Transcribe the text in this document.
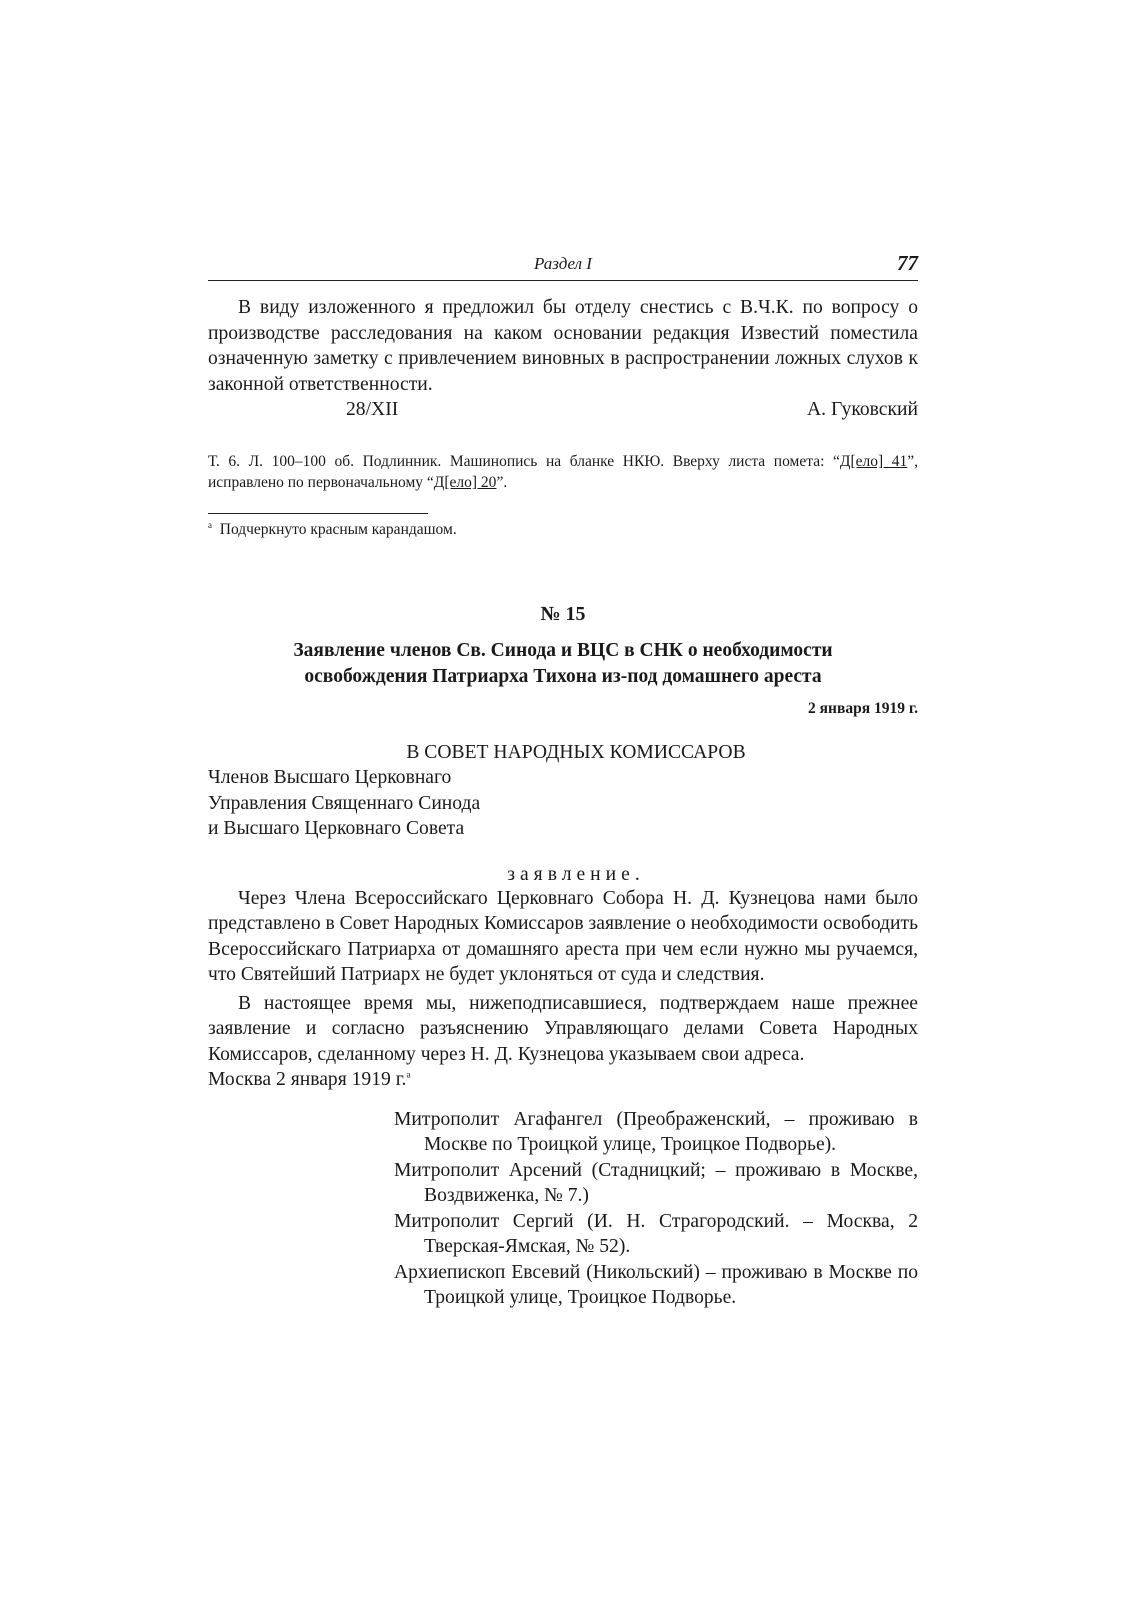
Раздел I	77
В виду изложенного я предложил бы отделу снестись с В.Ч.К. по вопросу о производстве расследования на каком основании редакция Известий поместила означенную заметку с привлечением виновных в распространении ложных слухов к законной ответственности.
28/XII	А. Гуковский
Т. 6. Л. 100–100 об. Подлинник. Машинопись на бланке НКЮ. Вверху листа помета: “Д[ело] 41”, исправлено по первоначальному “Д[ело] 20”.
$^а$ Подчеркнуто красным карандашом.
№ 15
Заявление членов Св. Синода и ВЦС в СНК о необходимости
освобождения Патриарха Тихона из-под домашнего ареста
2 января 1919 г.
В СОВЕТ НАРОДНЫХ КОМИССАРОВ
Членов Высшаго Церковнаго
Управления Священнаго Синода
и Высшаго Церковнаго Совета
заявление.
Через Члена Всероссийскаго Церковнаго Собора Н. Д. Кузнецова нами было представлено в Совет Народных Комиссаров заявление о необходимости освободить Всероссийскаго Патриарха от домашняго ареста при чем если нужно мы ручаемся, что Святейший Патриарх не будет уклоняться от суда и следствия.
В настоящее время мы, нижеподписавшиеся, подтверждаем наше прежнее заявление и согласно разъяснению Управляющаго делами Совета Народных Комиссаров, сделанному через Н. Д. Кузнецова указываем свои адреса.
Москва 2 января 1919 г.$^а$
Митрополит Агафангел (Преображенский, – проживаю в Москве по Троицкой улице, Троицкое Подворье).
Митрополит Арсений (Стадницкий; – проживаю в Москве, Воздвиженка, № 7.)
Митрополит Сергий (И. Н. Страгородский. – Москва, 2 Тверская-Ямская, № 52).
Архиепископ Евсевий (Никольский) – проживаю в Москве по Троицкой улице, Троицкое Подворье.
